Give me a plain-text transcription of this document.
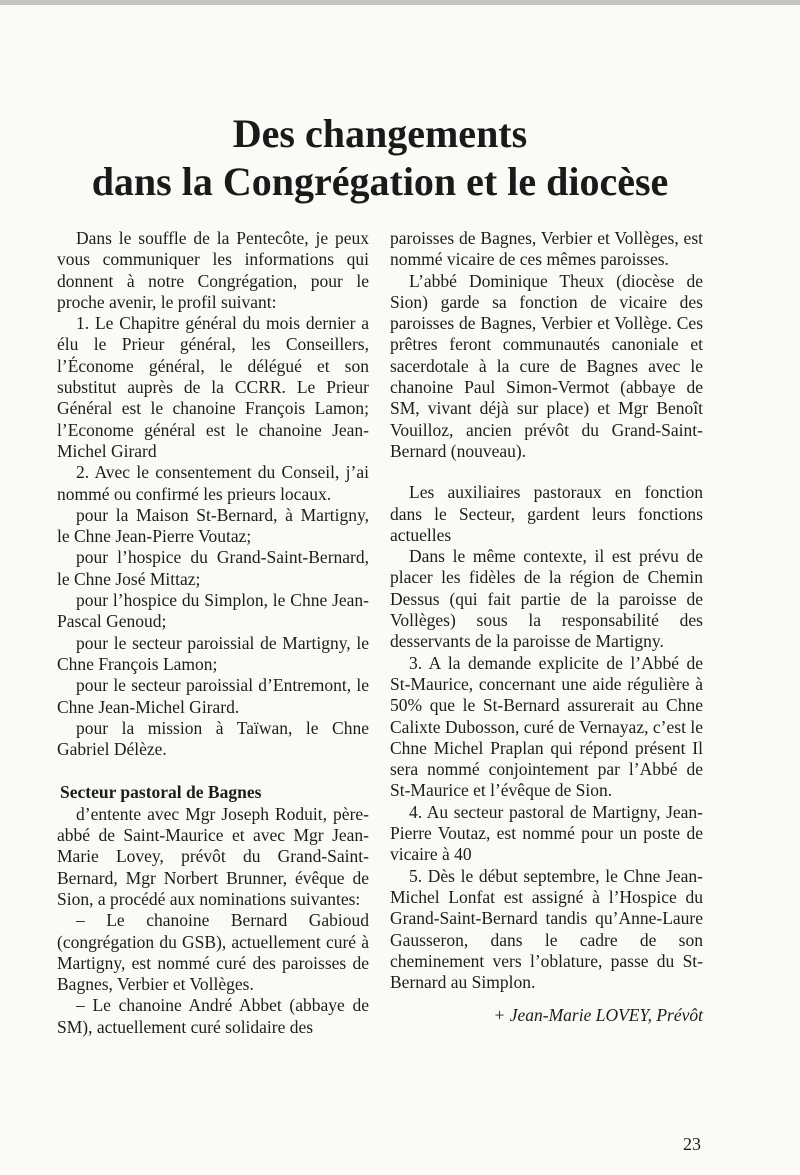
Des changements
dans la Congrégation et le diocèse

Dans le souffle de la Pentecôte, je peux vous communiquer les informations qui donnent à notre Congrégation, pour le proche avenir, le profil suivant:

1. Le Chapitre général du mois dernier a élu le Prieur général, les Conseillers, l’Économe général, le délégué et son substitut auprès de la CCRR. Le Prieur Général est le chanoine François Lamon; l’Econome général est le chanoine Jean-Michel Girard

2. Avec le consentement du Conseil, j’ai nommé ou confirmé les prieurs locaux.

pour la Maison St-Bernard, à Martigny, le Chne Jean-Pierre Voutaz;

pour l’hospice du Grand-Saint-Bernard, le Chne José Mittaz;

pour l’hospice du Simplon, le Chne Jean-Pascal Genoud;

pour le secteur paroissial de Martigny, le Chne François Lamon;

pour le secteur paroissial d’Entremont, le Chne Jean-Michel Girard.

pour la mission à Taïwan, le Chne Gabriel Délèze.

Secteur pastoral de Bagnes

d’entente avec Mgr Joseph Roduit, père-abbé de Saint-Maurice et avec Mgr Jean-Marie Lovey, prévôt du Grand-Saint-Bernard, Mgr Norbert Brunner, évêque de Sion, a procédé aux nominations suivantes:

– Le chanoine Bernard Gabioud (congrégation du GSB), actuellement curé à Martigny, est nommé curé des paroisses de Bagnes, Verbier et Vollèges.

– Le chanoine André Abbet (abbaye de SM), actuellement curé solidaire des

paroisses de Bagnes, Verbier et Vollèges, est nommé vicaire de ces mêmes paroisses.

L’abbé Dominique Theux (diocèse de Sion) garde sa fonction de vicaire des paroisses de Bagnes, Verbier et Vollège. Ces prêtres feront communautés canoniale et sacerdotale à la cure de Bagnes avec le chanoine Paul Simon-Vermot (abbaye de SM, vivant déjà sur place) et Mgr Benoît Vouilloz, ancien prévôt du Grand-Saint-Bernard (nouveau).

Les auxiliaires pastoraux en fonction dans le Secteur, gardent leurs fonctions actuelles

Dans le même contexte, il est prévu de placer les fidèles de la région de Chemin Dessus (qui fait partie de la paroisse de Vollèges) sous la responsabilité des desservants de la paroisse de Martigny.

3. A la demande explicite de l’Abbé de St-Maurice, concernant une aide régulière à 50% que le St-Bernard assurerait au Chne Calixte Dubosson, curé de Vernayaz, c’est le Chne Michel Praplan qui répond présent Il sera nommé conjointement par l’Abbé de St-Maurice et l’évêque de Sion.

4. Au secteur pastoral de Martigny, Jean-Pierre Voutaz, est nommé pour un poste de vicaire à 40

5. Dès le début septembre, le Chne Jean-Michel Lonfat est assigné à l’Hospice du Grand-Saint-Bernard tandis qu’Anne-Laure Gausseron, dans le cadre de son cheminement vers l’oblature, passe du St-Bernard au Simplon.

+ Jean-Marie LOVEY, Prévôt

23
